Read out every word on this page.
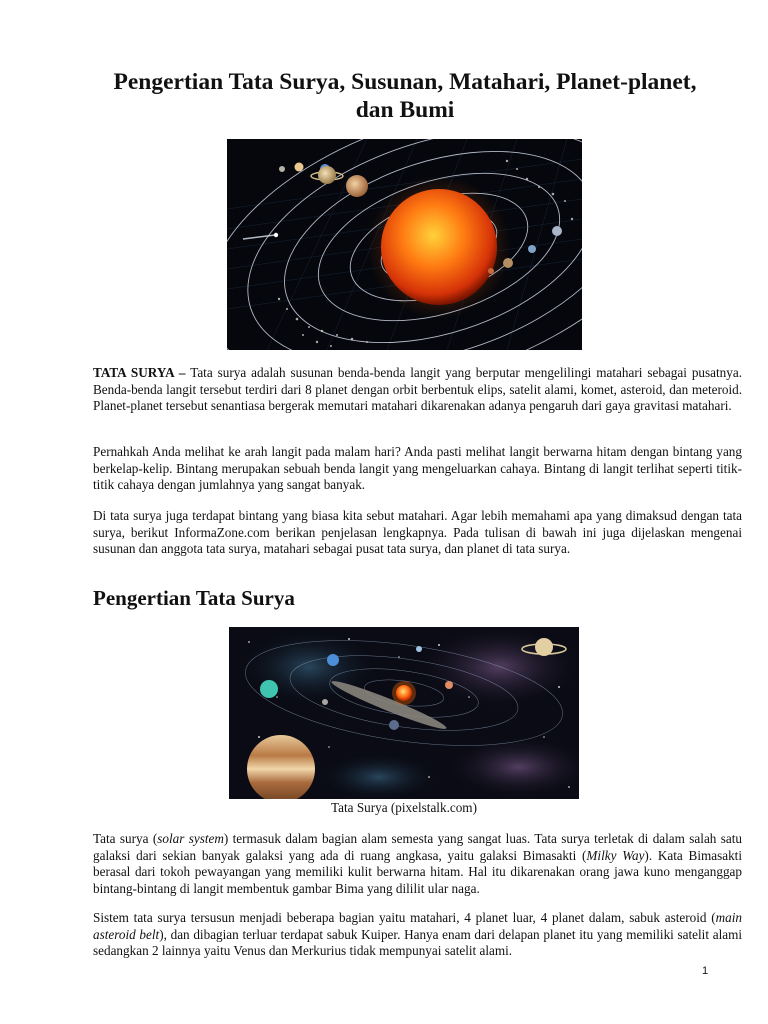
Pengertian Tata Surya, Susunan, Matahari, Planet-planet, dan Bumi

TATA SURYA – Tata surya adalah susunan benda-benda langit yang berputar mengelilingi matahari sebagai pusatnya. Benda-benda langit tersebut terdiri dari 8 planet dengan orbit berbentuk elips, satelit alami, komet, asteroid, dan meteroid. Planet-planet tersebut senantiasa bergerak memutari matahari dikarenakan adanya pengaruh dari gaya gravitasi matahari.

Pernahkah Anda melihat ke arah langit pada malam hari? Anda pasti melihat langit berwarna hitam dengan bintang yang berkelap-kelip. Bintang merupakan sebuah benda langit yang mengeluarkan cahaya. Bintang di langit terlihat seperti titik-titik cahaya dengan jumlahnya yang sangat banyak.

Di tata surya juga terdapat bintang yang biasa kita sebut matahari. Agar lebih memahami apa yang dimaksud dengan tata surya, berikut InformaZone.com berikan penjelasan lengkapnya. Pada tulisan di bawah ini juga dijelaskan mengenai susunan dan anggota tata surya, matahari sebagai pusat tata surya, dan planet di tata surya.

Pengertian Tata Surya

Tata Surya (pixelstalk.com)

Tata surya (solar system) termasuk dalam bagian alam semesta yang sangat luas. Tata surya terletak di dalam salah satu galaksi dari sekian banyak galaksi yang ada di ruang angkasa, yaitu galaksi Bimasakti (Milky Way). Kata Bimasakti berasal dari tokoh pewayangan yang memiliki kulit berwarna hitam. Hal itu dikarenakan orang jawa kuno menganggap bintang-bintang di langit membentuk gambar Bima yang dililit ular naga.

Sistem tata surya tersusun menjadi beberapa bagian yaitu matahari, 4 planet luar, 4 planet dalam, sabuk asteroid (main asteroid belt), dan dibagian terluar terdapat sabuk Kuiper. Hanya enam dari delapan planet itu yang memiliki satelit alami sedangkan 2 lainnya yaitu Venus dan Merkurius tidak mempunyai satelit alami.

1
